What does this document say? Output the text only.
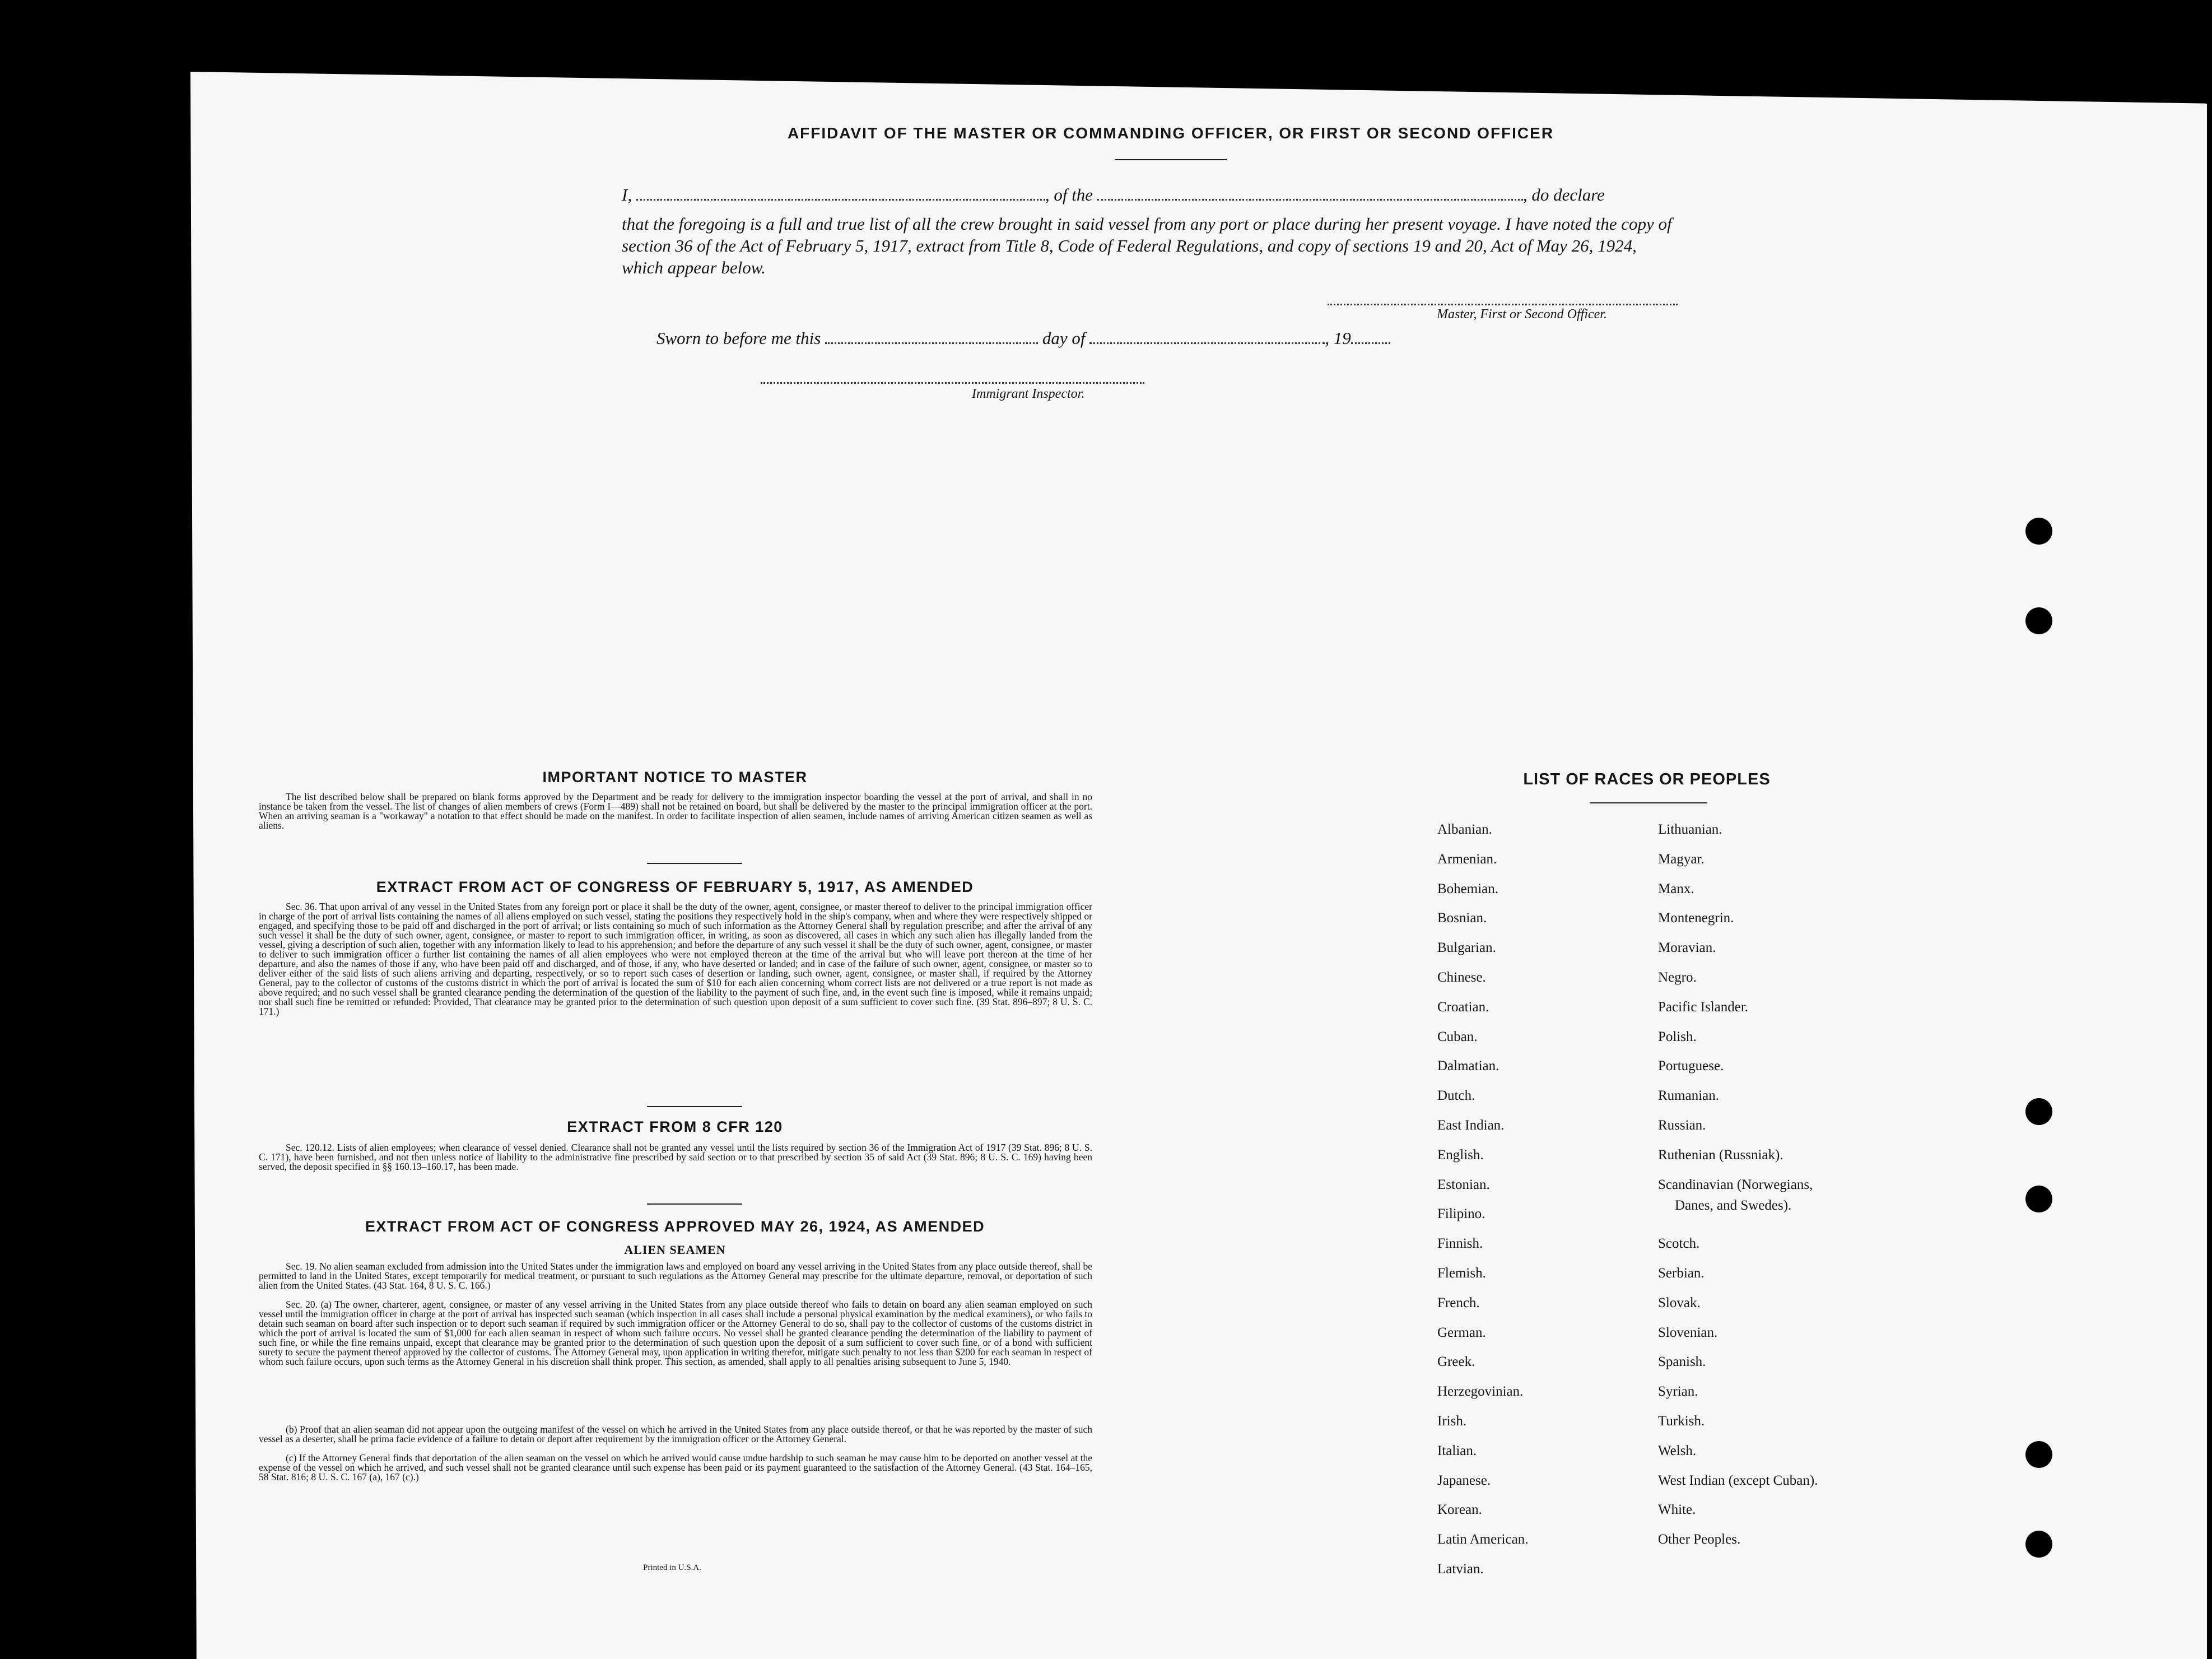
AFFIDAVIT OF THE MASTER OR COMMANDING OFFICER, OR FIRST OR SECOND OFFICER
I,	, of the	, do declare
that the foregoing is a full and true list of all the crew brought in said vessel from any port or place during her present voyage. I have noted the copy of section 36 of the Act of February 5, 1917, extract from Title 8, Code of Federal Regulations, and copy of sections 19 and 20, Act of May 26, 1924, which appear below.
Master, First or Second Officer.
Sworn to before me this	day of	, 19
Immigrant Inspector.
IMPORTANT NOTICE TO MASTER
The list described below shall be prepared on blank forms approved by the Department and be ready for delivery to the immigration inspector boarding the vessel at the port of arrival, and shall in no instance be taken from the vessel. The list of changes of alien members of crews (Form I—489) shall not be retained on board, but shall be delivered by the master to the principal immigration officer at the port. When an arriving seaman is a "workaway" a notation to that effect should be made on the manifest. In order to facilitate inspection of alien seamen, include names of arriving American citizen seamen as well as aliens.
EXTRACT FROM ACT OF CONGRESS OF FEBRUARY 5, 1917, AS AMENDED
Sec. 36. That upon arrival of any vessel in the United States from any foreign port or place it shall be the duty of the owner, agent, consignee, or master thereof to deliver to the principal immigration officer in charge of the port of arrival lists containing the names of all aliens employed on such vessel, stating the positions they respectively hold in the ship's company, when and where they were respectively shipped or engaged, and specifying those to be paid off and discharged in the port of arrival; or lists containing so much of such information as the Attorney General shall by regulation prescribe; and after the arrival of any such vessel it shall be the duty of such owner, agent, consignee, or master to report to such immigration officer, in writing, as soon as discovered, all cases in which any such alien has illegally landed from the vessel, giving a description of such alien, together with any information likely to lead to his apprehension; and before the departure of any such vessel it shall be the duty of such owner, agent, consignee, or master to deliver to such immigration officer a further list containing the names of all alien employees who were not employed thereon at the time of the arrival but who will leave port thereon at the time of her departure, and also the names of those if any, who have been paid off and discharged, and of those, if any, who have deserted or landed; and in case of the failure of such owner, agent, consignee, or master so to deliver either of the said lists of such aliens arriving and departing, respectively, or so to report such cases of desertion or landing, such owner, agent, consignee, or master shall, if required by the Attorney General, pay to the collector of customs of the customs district in which the port of arrival is located the sum of $10 for each alien concerning whom correct lists are not delivered or a true report is not made as above required; and no such vessel shall be granted clearance pending the determination of the question of the liability to the payment of such fine, and, in the event such fine is imposed, while it remains unpaid; nor shall such fine be remitted or refunded: Provided, That clearance may be granted prior to the determination of such question upon deposit of a sum sufficient to cover such fine. (39 Stat. 896–897; 8 U. S. C. 171.)
EXTRACT FROM 8 CFR 120
Sec. 120.12. Lists of alien employees; when clearance of vessel denied. Clearance shall not be granted any vessel until the lists required by section 36 of the Immigration Act of 1917 (39 Stat. 896; 8 U. S. C. 171), have been furnished, and not then unless notice of liability to the administrative fine prescribed by said section or to that prescribed by section 35 of said Act (39 Stat. 896; 8 U. S. C. 169) having been served, the deposit specified in §§ 160.13–160.17, has been made.
EXTRACT FROM ACT OF CONGRESS APPROVED MAY 26, 1924, AS AMENDED
ALIEN SEAMEN
Sec. 19. No alien seaman excluded from admission into the United States under the immigration laws and employed on board any vessel arriving in the United States from any place outside thereof, shall be permitted to land in the United States, except temporarily for medical treatment, or pursuant to such regulations as the Attorney General may prescribe for the ultimate departure, removal, or deportation of such alien from the United States. (43 Stat. 164, 8 U. S. C. 166.)
Sec. 20. (a) The owner, charterer, agent, consignee, or master of any vessel arriving in the United States from any place outside thereof who fails to detain on board any alien seaman employed on such vessel until the immigration officer in charge at the port of arrival has inspected such seaman (which inspection in all cases shall include a personal physical examination by the medical examiners), or who fails to detain such seaman on board after such inspection or to deport such seaman if required by such immigration officer or the Attorney General to do so, shall pay to the collector of customs of the customs district in which the port of arrival is located the sum of $1,000 for each alien seaman in respect of whom such failure occurs. No vessel shall be granted clearance pending the determination of the liability to payment of such fine, or while the fine remains unpaid, except that clearance may be granted prior to the determination of such question upon the deposit of a sum sufficient to cover such fine, or of a bond with sufficient surety to secure the payment thereof approved by the collector of customs. The Attorney General may, upon application in writing therefor, mitigate such penalty to not less than $200 for each seaman in respect of whom such failure occurs, upon such terms as the Attorney General in his discretion shall think proper. This section, as amended, shall apply to all penalties arising subsequent to June 5, 1940.
(b) Proof that an alien seaman did not appear upon the outgoing manifest of the vessel on which he arrived in the United States from any place outside thereof, or that he was reported by the master of such vessel as a deserter, shall be prima facie evidence of a failure to detain or deport after requirement by the immigration officer or the Attorney General.
(c) If the Attorney General finds that deportation of the alien seaman on the vessel on which he arrived would cause undue hardship to such seaman he may cause him to be deported on another vessel at the expense of the vessel on which he arrived, and such vessel shall not be granted clearance until such expense has been paid or its payment guaranteed to the satisfaction of the Attorney General. (43 Stat. 164–165, 58 Stat. 816; 8 U. S. C. 167 (a), 167 (c).)
Printed in U.S.A.
LIST OF RACES OR PEOPLES
Albanian.
Armenian.
Bohemian.
Bosnian.
Bulgarian.
Chinese.
Croatian.
Cuban.
Dalmatian.
Dutch.
East Indian.
English.
Estonian.
Filipino.
Finnish.
Flemish.
French.
German.
Greek.
Herzegovinian.
Irish.
Italian.
Japanese.
Korean.
Latin American.
Latvian.
Lithuanian.
Magyar.
Manx.
Montenegrin.
Moravian.
Negro.
Pacific Islander.
Polish.
Portuguese.
Rumanian.
Russian.
Ruthenian (Russniak).
Scandinavian (Norwegians,
Scotch.
Serbian.
Slovak.
Slovenian.
Spanish.
Syrian.
Turkish.
Welsh.
West Indian (except Cuban).
White.
Other Peoples.
Danes, and Swedes).
